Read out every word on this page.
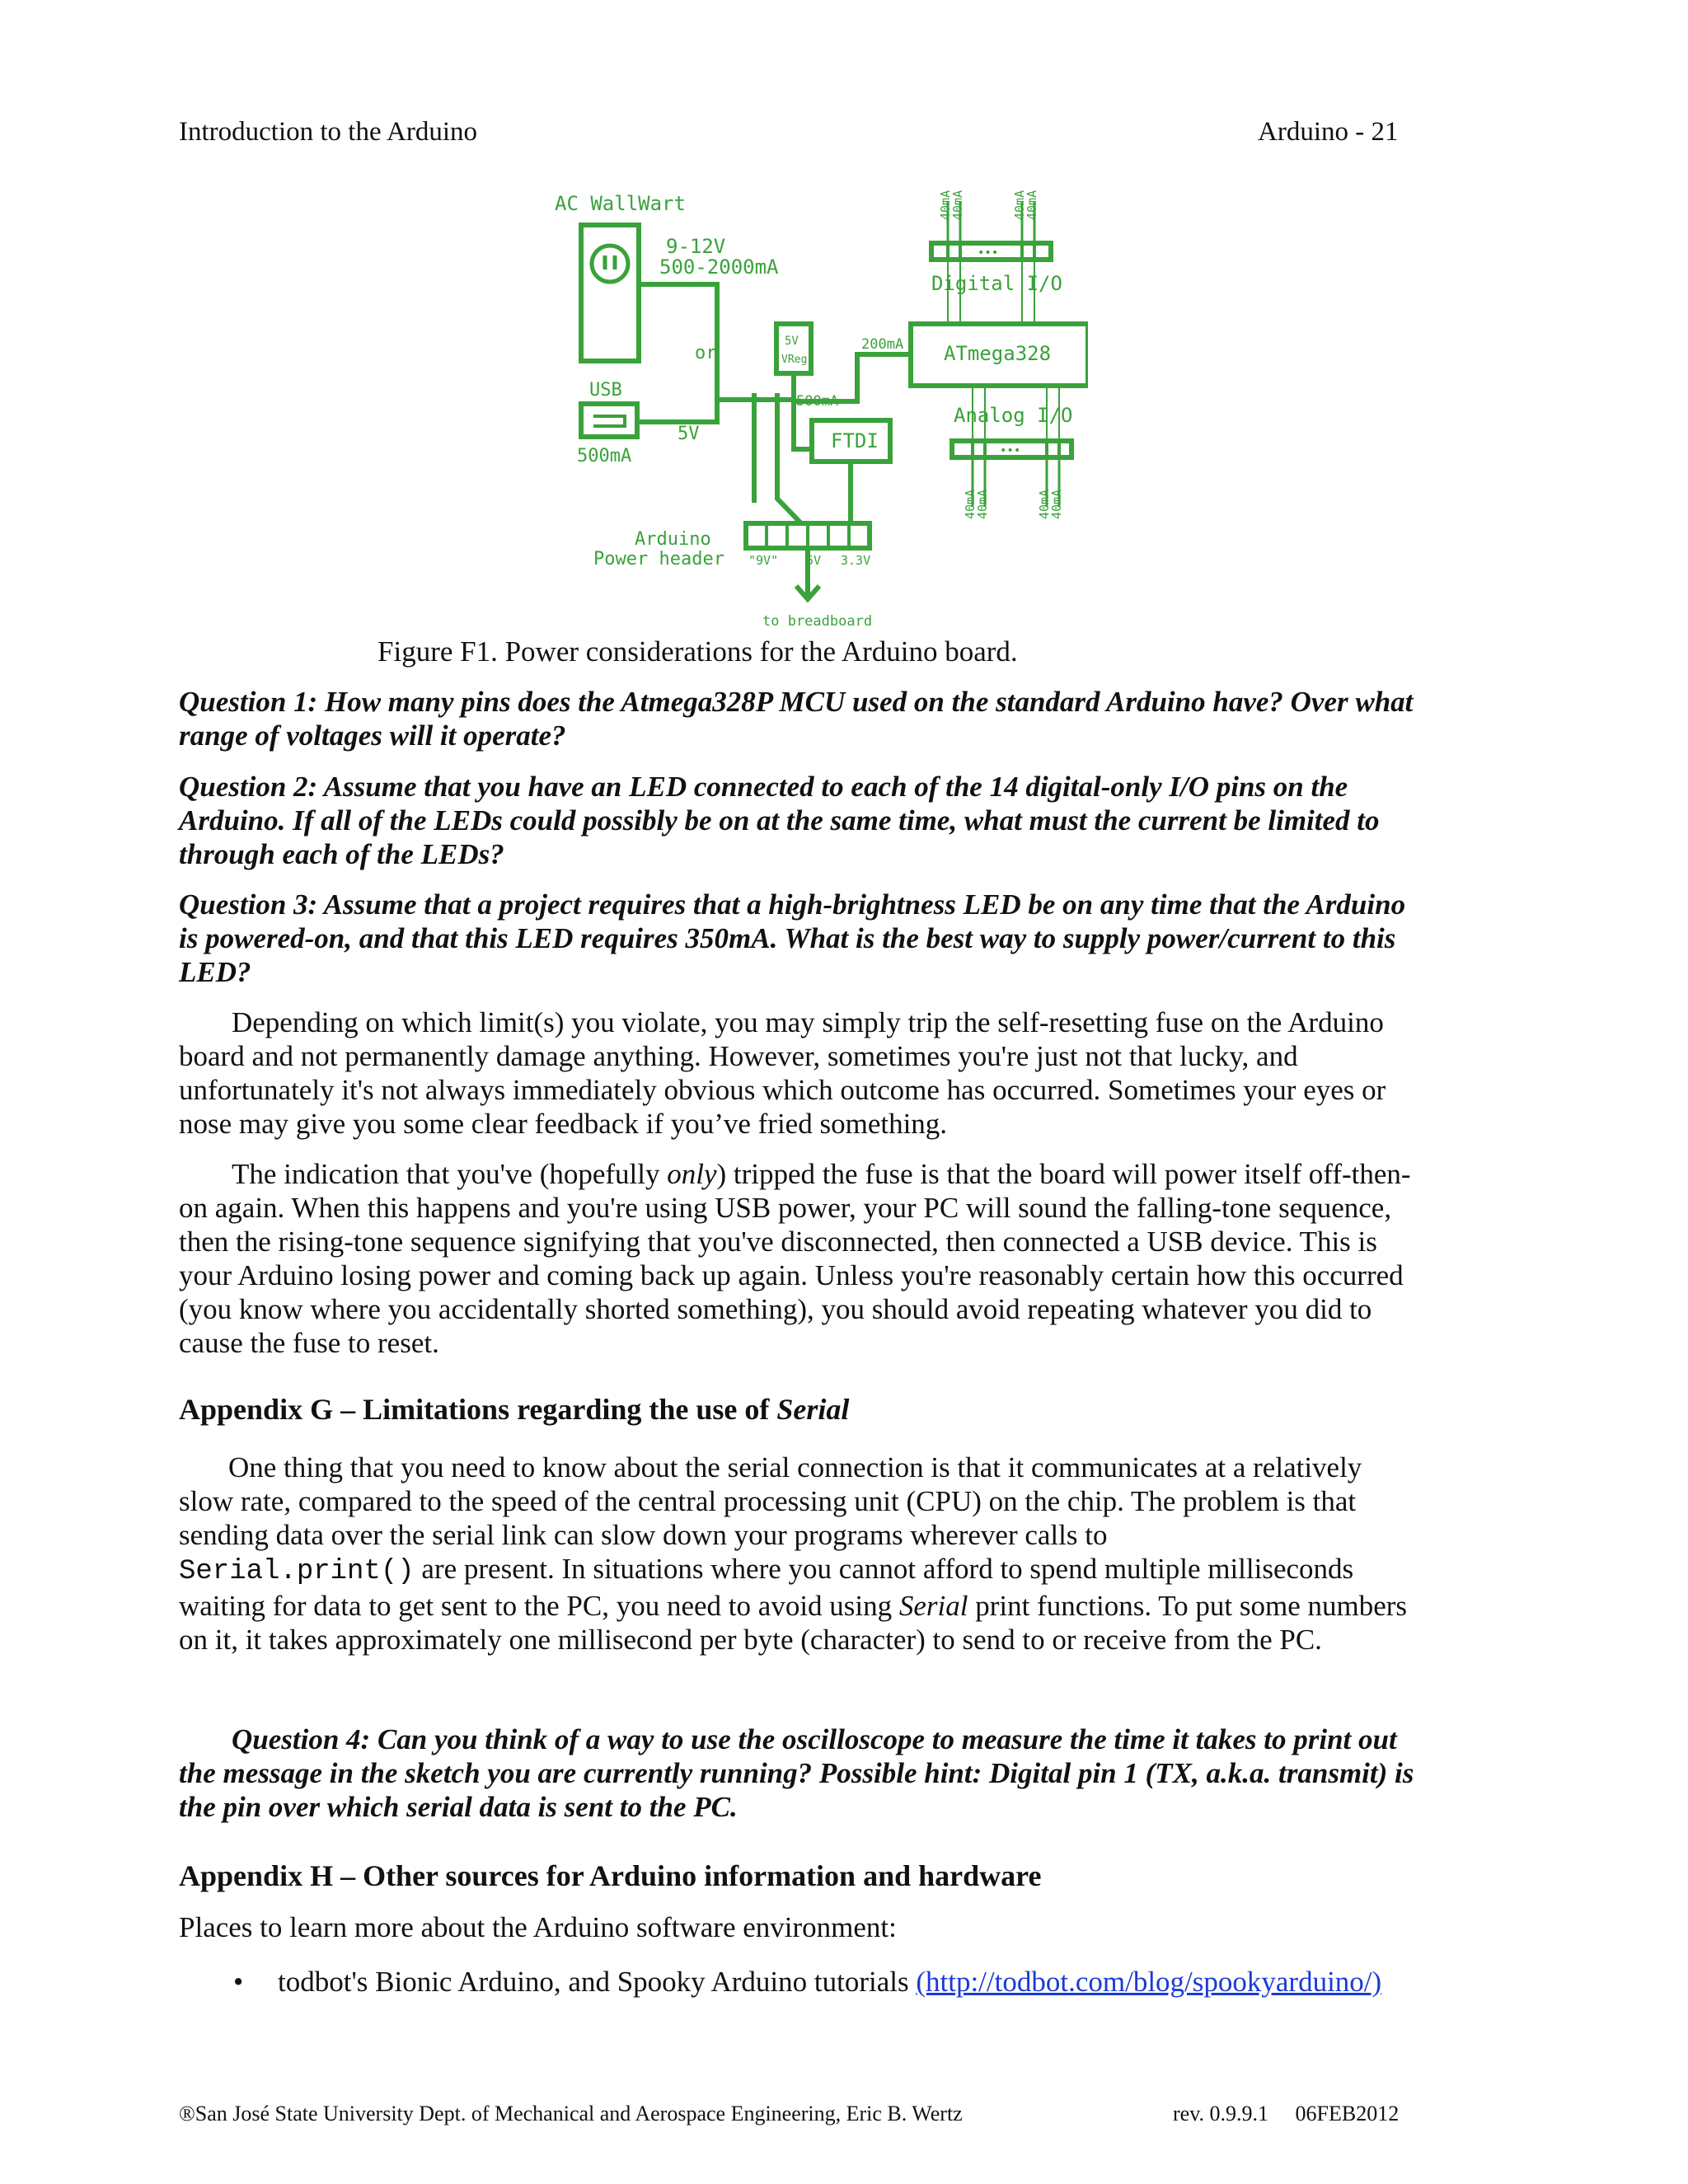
Introduction to the Arduino	Arduino - 21
•••
•••
AC WallWart
9-12V
500-2000mA
or
USB
5V
500mA
5V
VReg
200mA
500mA
ATmega328
FTDI
Digital I/O
Analog I/O
40mA
40mA	40mA
40mA
40mA
40mA	40mA
40mA
Arduino
Power header "9V" 5V 3.3V
to breadboard
Figure F1. Power considerations for the Arduino board.
Question 1: How many pins does the Atmega328P MCU used on the standard Arduino have? Over what range of voltages will it operate?
Question 2: Assume that you have an LED connected to each of the 14 digital-only I/O pins on the Arduino. If all of the LEDs could possibly be on at the same time, what must the current be limited to through each of the LEDs?
Question 3: Assume that a project requires that a high-brightness LED be on any time that the Arduino is powered-on, and that this LED requires 350mA. What is the best way to supply power/current to this LED?
Depending on which limit(s) you violate, you may simply trip the self-resetting fuse on the Arduino board and not permanently damage anything. However, sometimes you're just not that lucky, and unfortunately it's not always immediately obvious which outcome has occurred. Sometimes your eyes or nose may give you some clear feedback if you’ve fried something.
The indication that you've (hopefully only) tripped the fuse is that the board will power itself off-then-on again. When this happens and you're using USB power, your PC will sound the falling-tone sequence, then the rising-tone sequence signifying that you've disconnected, then connected a USB device. This is your Arduino losing power and coming back up again. Unless you're reasonably certain how this occurred (you know where you accidentally shorted something), you should avoid repeating whatever you did to cause the fuse to reset.
Appendix G – Limitations regarding the use of Serial
One thing that you need to know about the serial connection is that it communicates at a relatively slow rate, compared to the speed of the central processing unit (CPU) on the chip. The problem is that sending data over the serial link can slow down your programs wherever calls to
Serial.print() are present. In situations where you cannot afford to spend multiple milliseconds waiting for data to get sent to the PC, you need to avoid using Serial print functions. To put some numbers on it, it takes approximately one millisecond per byte (character) to send to or receive from the PC.
Question 4: Can you think of a way to use the oscilloscope to measure the time it takes to print out the message in the sketch you are currently running? Possible hint: Digital pin 1 (TX, a.k.a. transmit) is the pin over which serial data is sent to the PC.
Appendix H – Other sources for Arduino information and hardware
Places to learn more about the Arduino software environment:
• todbot's Bionic Arduino, and Spooky Arduino tutorials (http://todbot.com/blog/spookyarduino/)
®San José State University Dept. of Mechanical and Aerospace Engineering, Eric B. Wertz	rev. 0.9.9.1     06FEB2012
